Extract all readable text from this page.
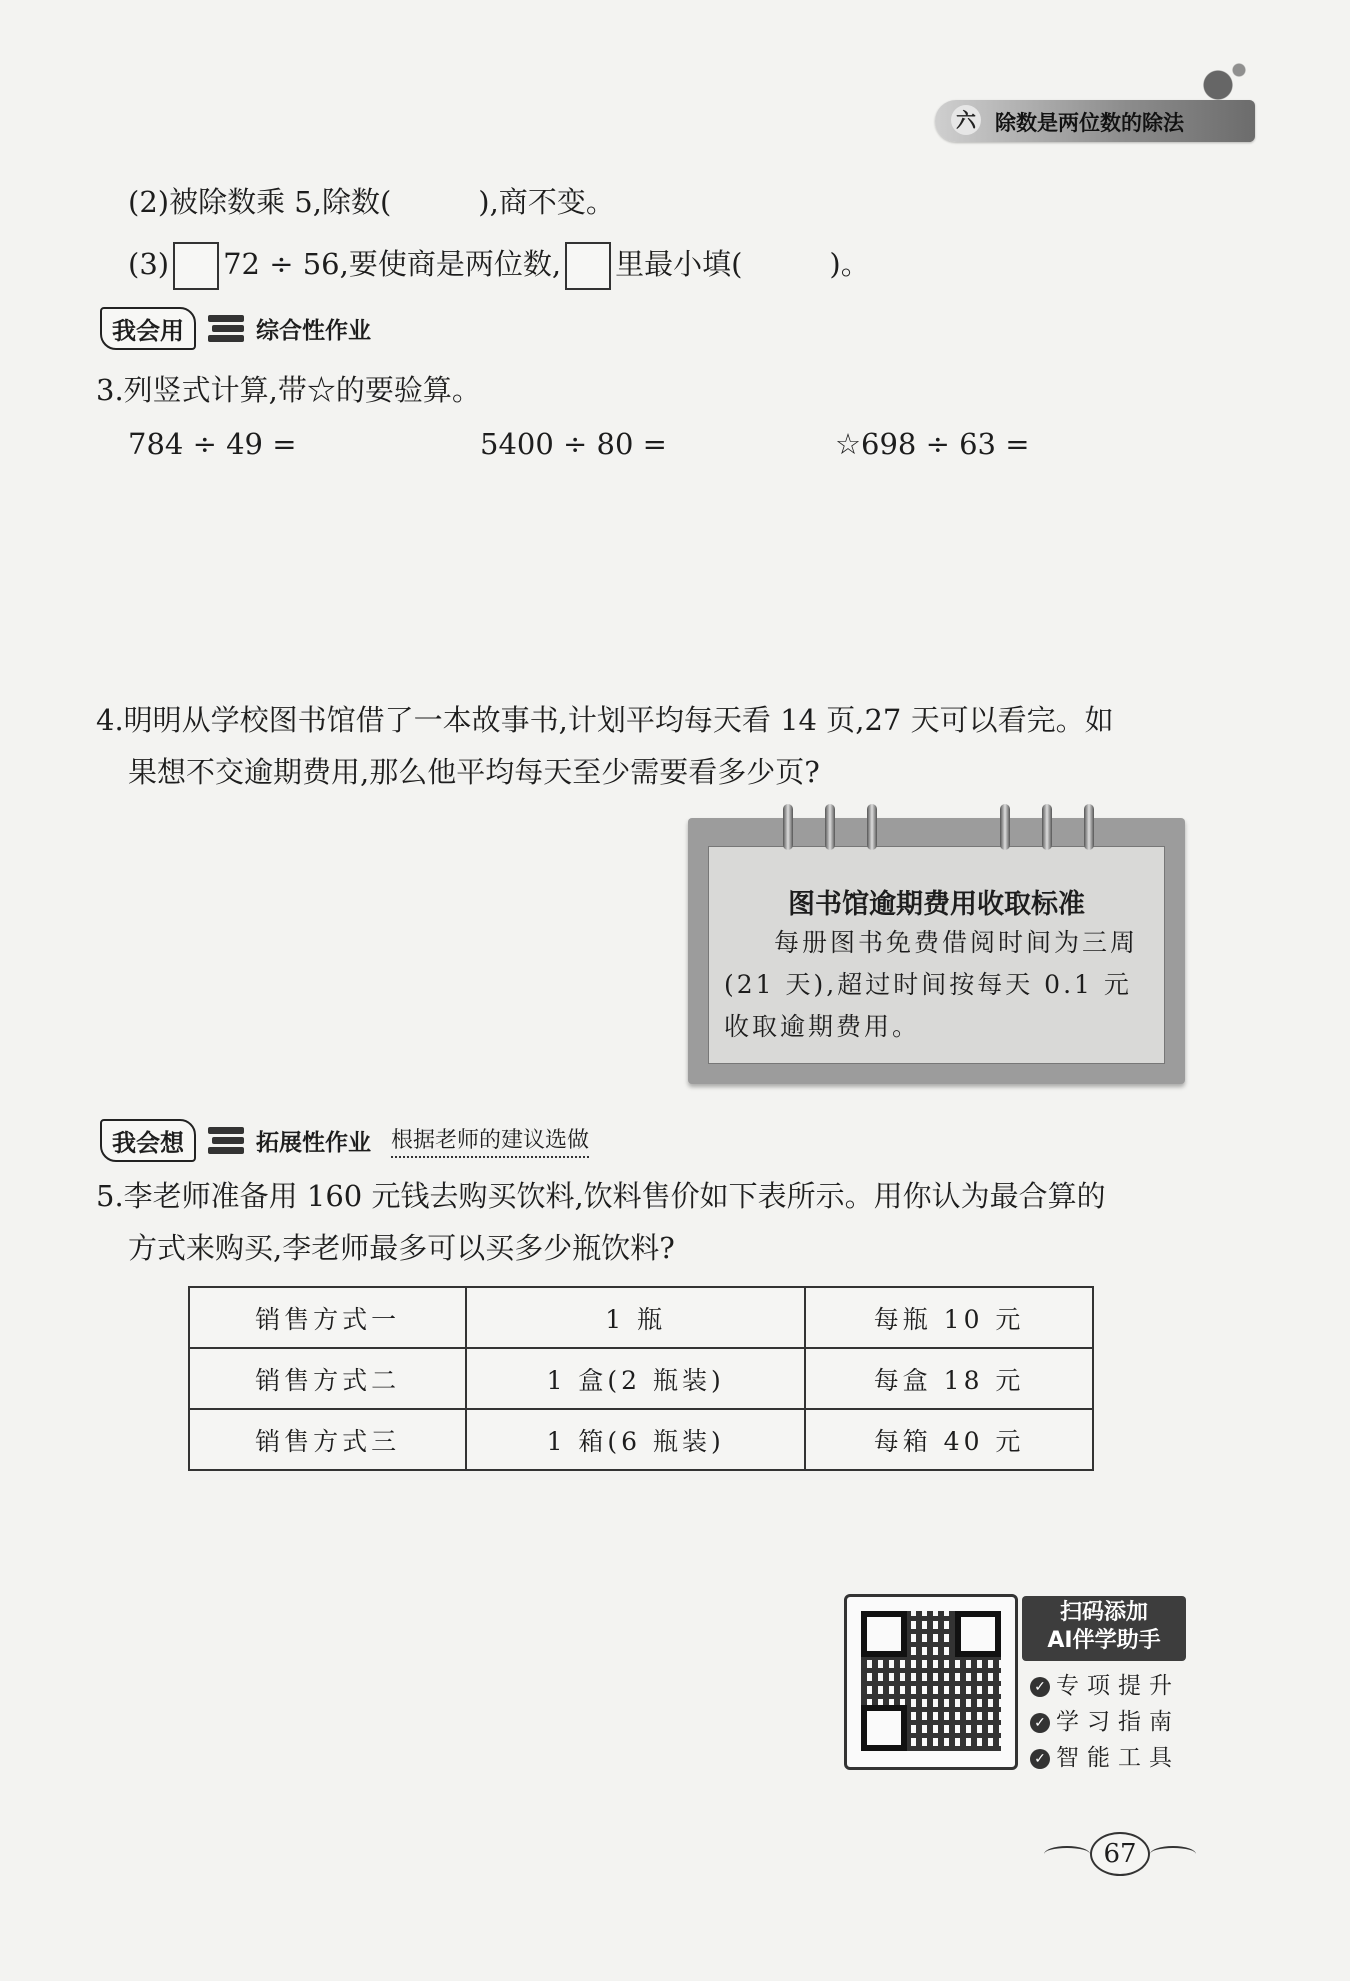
六 除数是两位数的除法
(2)被除数乘 5,除数(　　　),商不变。
(3) 72 ÷ 56,要使商是两位数, 里最小填(　　　)。
我会用	综合性作业
3.列竖式计算,带☆的要验算。
784 ÷ 49 =	5400 ÷ 80 =	☆698 ÷ 63 =
4.明明从学校图书馆借了一本故事书,计划平均每天看 14 页,27 天可以看完。如
果想不交逾期费用,那么他平均每天至少需要看多少页?
图书馆逾期费用收取标准
每册图书免费借阅时间为三周(21 天),超过时间按每天 0.1 元收取逾期费用。
我会想	拓展性作业 根据老师的建议选做
5.李老师准备用 160 元钱去购买饮料,饮料售价如下表所示。用你认为最合算的
方式来购买,李老师最多可以买多少瓶饮料?
销售方式一	1 瓶	每瓶 10 元
销售方式二	1 盒(2 瓶装)	每盒 18 元
销售方式三	1 箱(6 瓶装)	每箱 40 元
扫码添加
AI伴学助手
✓ 专项提升
✓ 学习指南
✓ 智能工具
67
